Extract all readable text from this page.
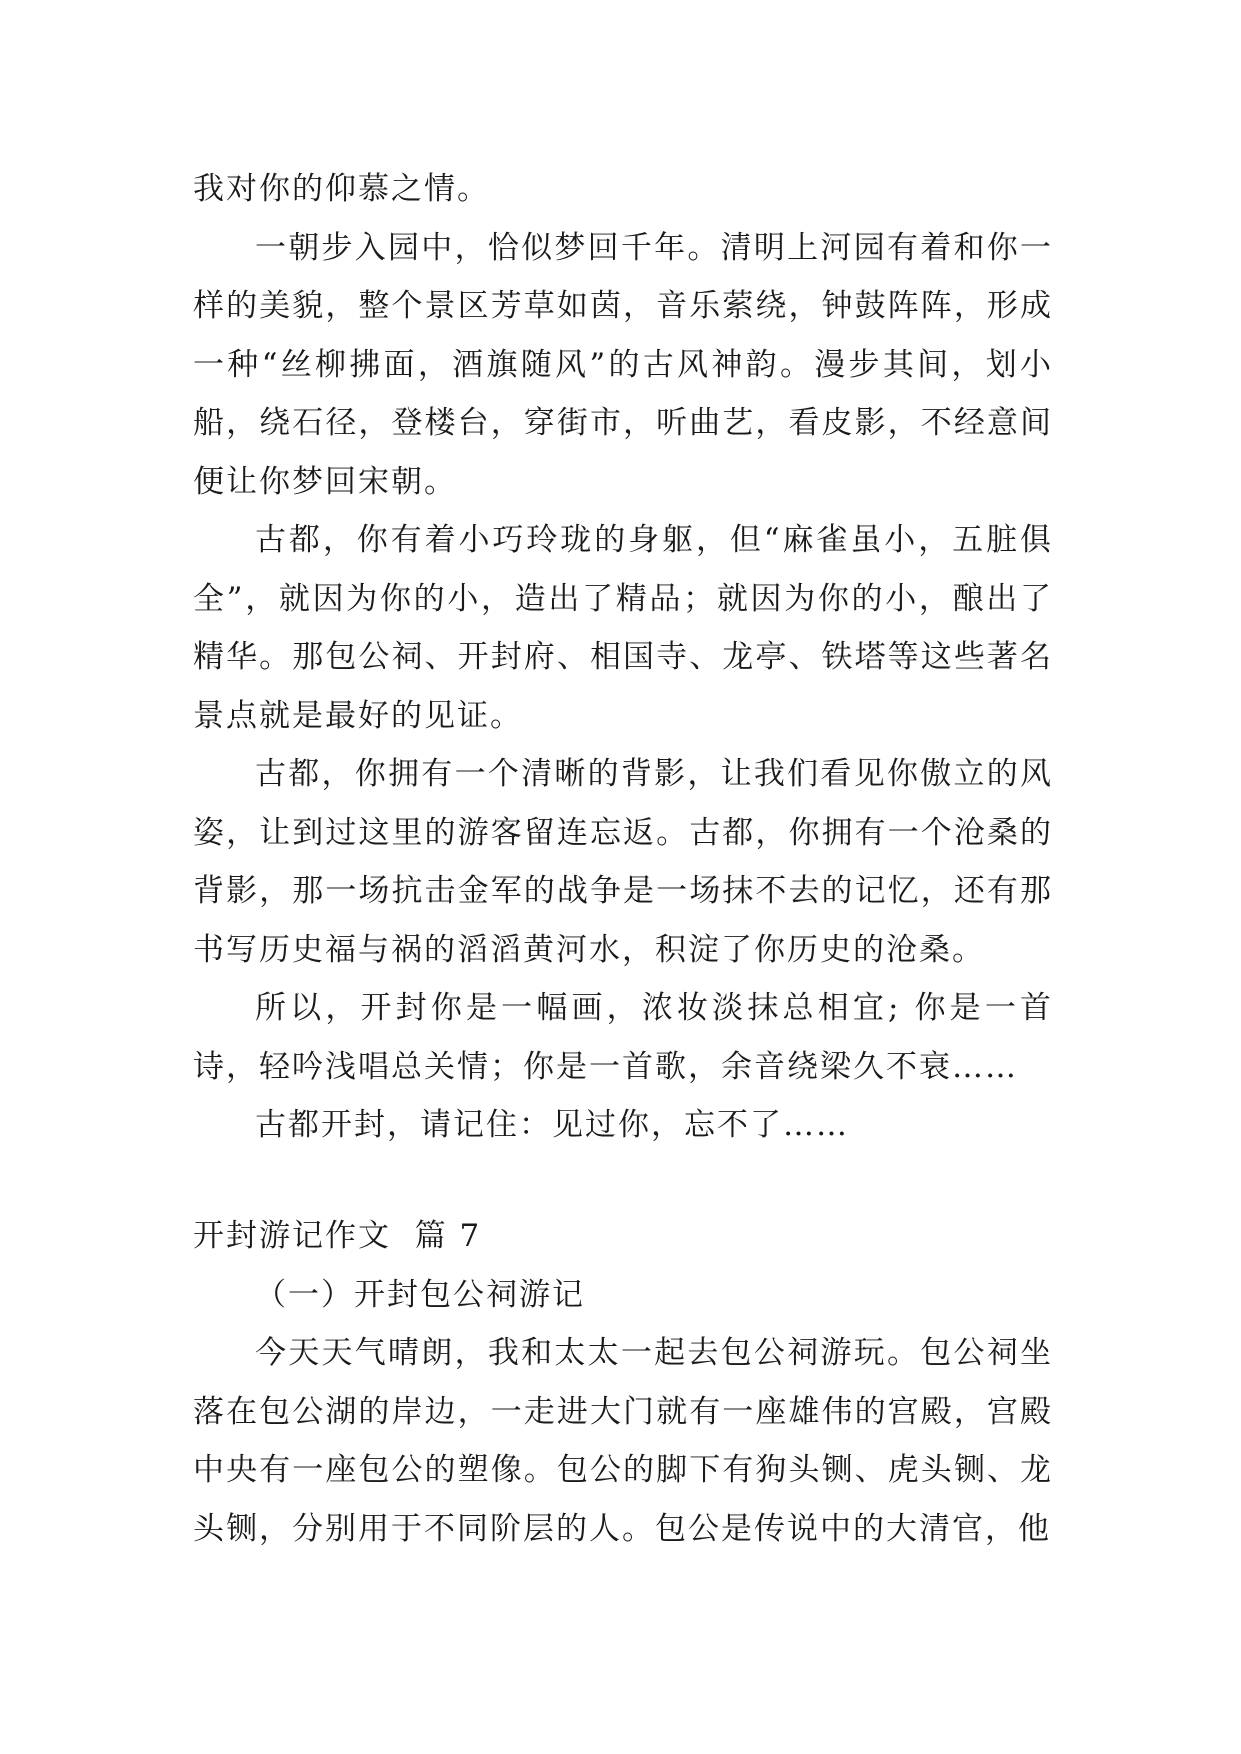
我对你的仰慕之情。

一朝步入园中，恰似梦回千年。清明上河园有着和你一样的美貌，整个景区芳草如茵，音乐萦绕，钟鼓阵阵，形成一种“丝柳拂面，酒旗随风”的古风神韵。漫步其间，划小船，绕石径，登楼台，穿街市，听曲艺，看皮影，不经意间便让你梦回宋朝。

古都，你有着小巧玲珑的身躯，但“麻雀虽小，五脏俱全”，就因为你的小，造出了精品；就因为你的小，酿出了精华。那包公祠、开封府、相国寺、龙亭、铁塔等这些著名景点就是最好的见证。

古都，你拥有一个清晰的背影，让我们看见你傲立的风姿，让到过这里的游客留连忘返。古都，你拥有一个沧桑的背影，那一场抗击金军的战争是一场抹不去的记忆，还有那书写历史福与祸的滔滔黄河水，积淀了你历史的沧桑。

所以，开封你是一幅画，浓妆淡抹总相宜; 你是一首诗，轻吟浅唱总关情；你是一首歌，余音绕梁久不衰……

古都开封，请记住：见过你，忘不了……

开封游记作文  篇 7
（一）开封包公祠游记

今天天气晴朗，我和太太一起去包公祠游玩。包公祠坐落在包公湖的岸边，一走进大门就有一座雄伟的宫殿，宫殿中央有一座包公的塑像。包公的脚下有狗头铡、虎头铡、龙头铡，分别用于不同阶层的人。包公是传说中的大清官，他
